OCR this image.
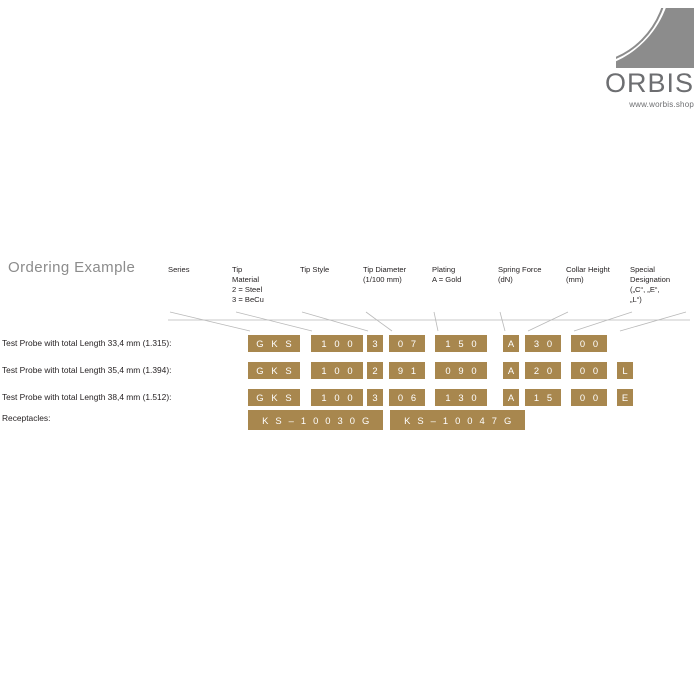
ORBIS
www.worbis.shop
Ordering Example	Series	Tip
Material
2 = Steel
3 = BeCu
Tip Style	Tip Diameter
(1/100 mm)
Plating
A = Gold
Spring Force
(dN)
Collar Height
(mm)
Special
Designation
(„C“, „E“,
„L“)
Test Probe with total Length 33,4 mm (1.315):	G K S	1 0 0	3	0 7	1 5 0	A	3 0	0 0
Test Probe with total Length 35,4 mm (1.394):	G K S	1 0 0	2	9 1	0 9 0	A	2 0	0 0	L
Test Probe with total Length 38,4 mm (1.512):	G K S	1 0 0	3	0 6	1 3 0	A	1 5	0 0	E
Receptacles:	K S – 1 0 0 3 0 G	K S – 1 0 0 4 7 G
